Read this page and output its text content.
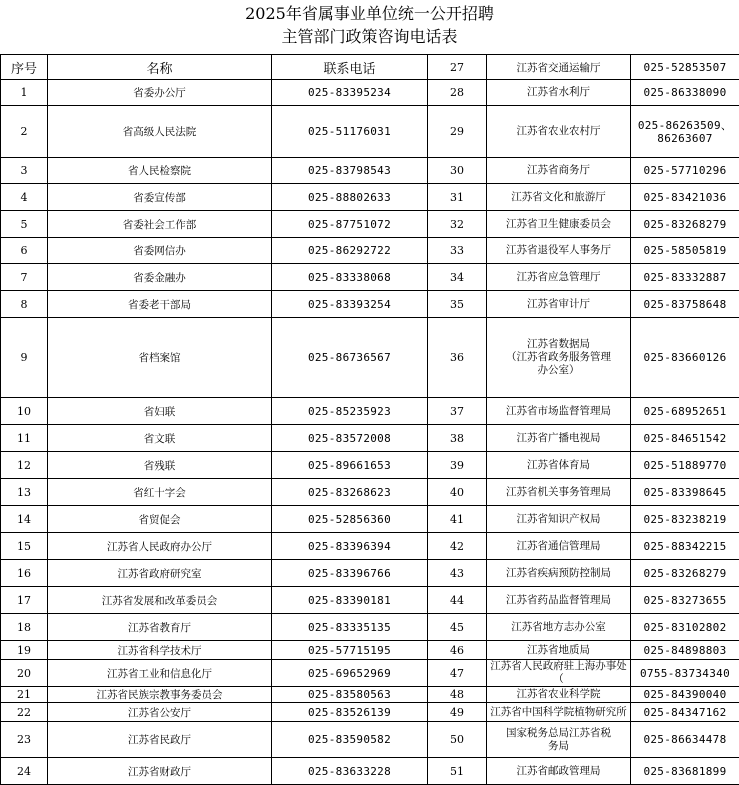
2025年省属事业单位统一公开招聘
主管部门政策咨询电话表
序号	名称	联系电话	27	江苏省交通运输厅	025-52853507
1	省委办公厅	025-83395234	28	江苏省水利厅	025-86338090
2	省高级人民法院	025-51176031	29	江苏省农业农村厅	025-86263509、
86263607
3	省人民检察院	025-83798543	30	江苏省商务厅	025-57710296
4	省委宣传部	025-88802633	31	江苏省文化和旅游厅	025-83421036
5	省委社会工作部	025-87751072	32	江苏省卫生健康委员会	025-83268279
6	省委网信办	025-86292722	33	江苏省退役军人事务厅	025-58505819
7	省委金融办	025-83338068	34	江苏省应急管理厅	025-83332887
8	省委老干部局	025-83393254	35	江苏省审计厅	025-83758648
9	省档案馆	025-86736567	36	江苏省数据局
（江苏省政务服务管理
办公室）	025-83660126
10	省妇联	025-85235923	37	江苏省市场监督管理局	025-68952651
11	省文联	025-83572008	38	江苏省广播电视局	025-84651542
12	省残联	025-89661653	39	江苏省体育局	025-51889770
13	省红十字会	025-83268623	40	江苏省机关事务管理局	025-83398645
14	省贸促会	025-52856360	41	江苏省知识产权局	025-83238219
15	江苏省人民政府办公厅	025-83396394	42	江苏省通信管理局	025-88342215
16	江苏省政府研究室	025-83396766	43	江苏省疾病预防控制局	025-83268279
17	江苏省发展和改革委员会	025-83390181	44	江苏省药品监督管理局	025-83273655
18	江苏省教育厅	025-83335135	45	江苏省地方志办公室	025-83102802
19	江苏省科学技术厅	025-57715195	46	江苏省地质局	025-84898803
20	江苏省工业和信息化厅	025-69652969	47	江苏省人民政府驻上海办事处（	0755-83734340
21	江苏省民族宗教事务委员会	025-83580563	48	江苏省农业科学院	025-84390040
22	江苏省公安厅	025-83526139	49	江苏省中国科学院植物研究所	025-84347162
23	江苏省民政厅	025-83590582	50	国家税务总局江苏省税
务局	025-86634478
24	江苏省财政厅	025-83633228	51	江苏省邮政管理局	025-83681899
